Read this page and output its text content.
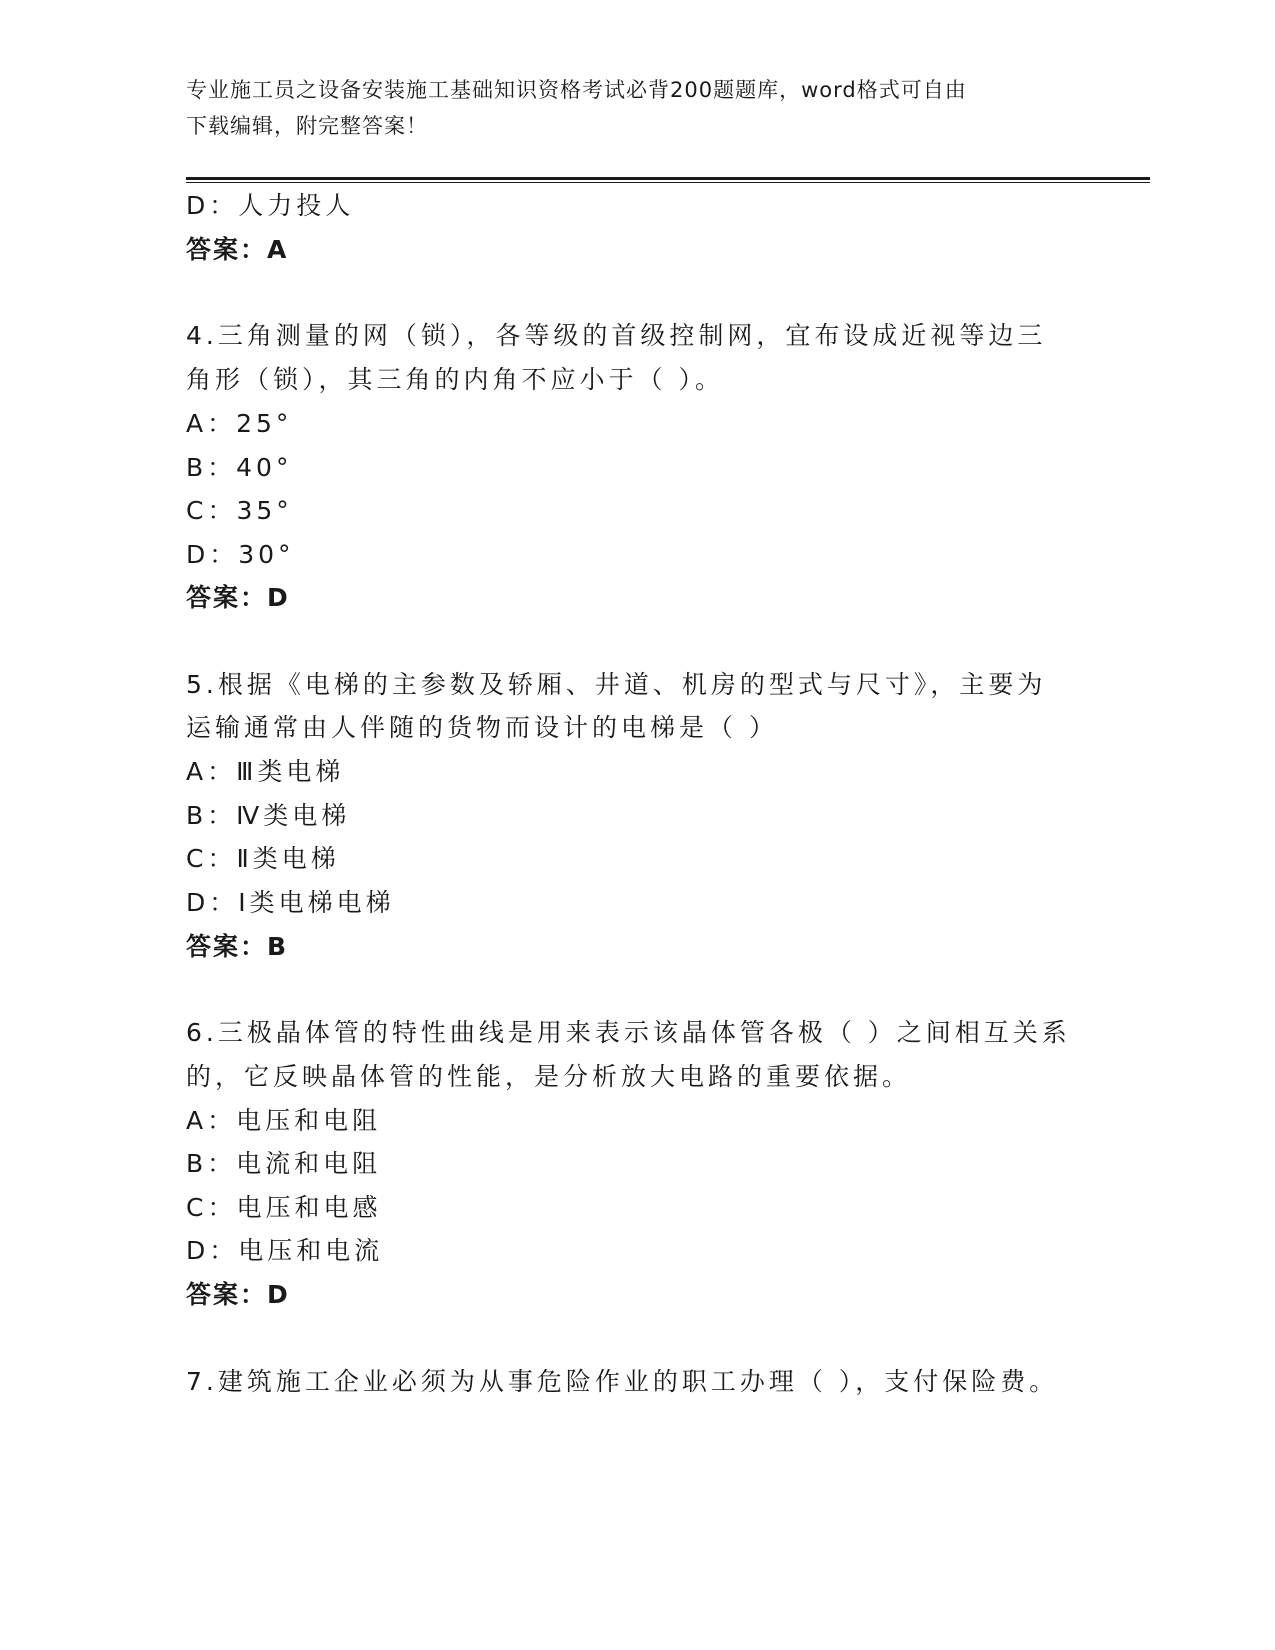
专业施工员之设备安装施工基础知识资格考试必背200题题库，word格式可自由
下载编辑，附完整答案！
D：人力投人
答案：A
4.三角测量的网（锁），各等级的首级控制网，宜布设成近视等边三
角形（锁），其三角的内角不应小于（ ）。
A：25°
B：40°
C：35°
D：30°
答案：D
5.根据《电梯的主参数及轿厢、井道、机房的型式与尺寸》，主要为
运输通常由人伴随的货物而设计的电梯是（ ）
A：Ⅲ类电梯
B：Ⅳ类电梯
C：Ⅱ类电梯
D：Ⅰ类电梯电梯
答案：B
6.三极晶体管的特性曲线是用来表示该晶体管各极（ ）之间相互关系
的，它反映晶体管的性能，是分析放大电路的重要依据。
A：电压和电阻
B：电流和电阻
C：电压和电感
D：电压和电流
答案：D
7.建筑施工企业必须为从事危险作业的职工办理（ ），支付保险费。
